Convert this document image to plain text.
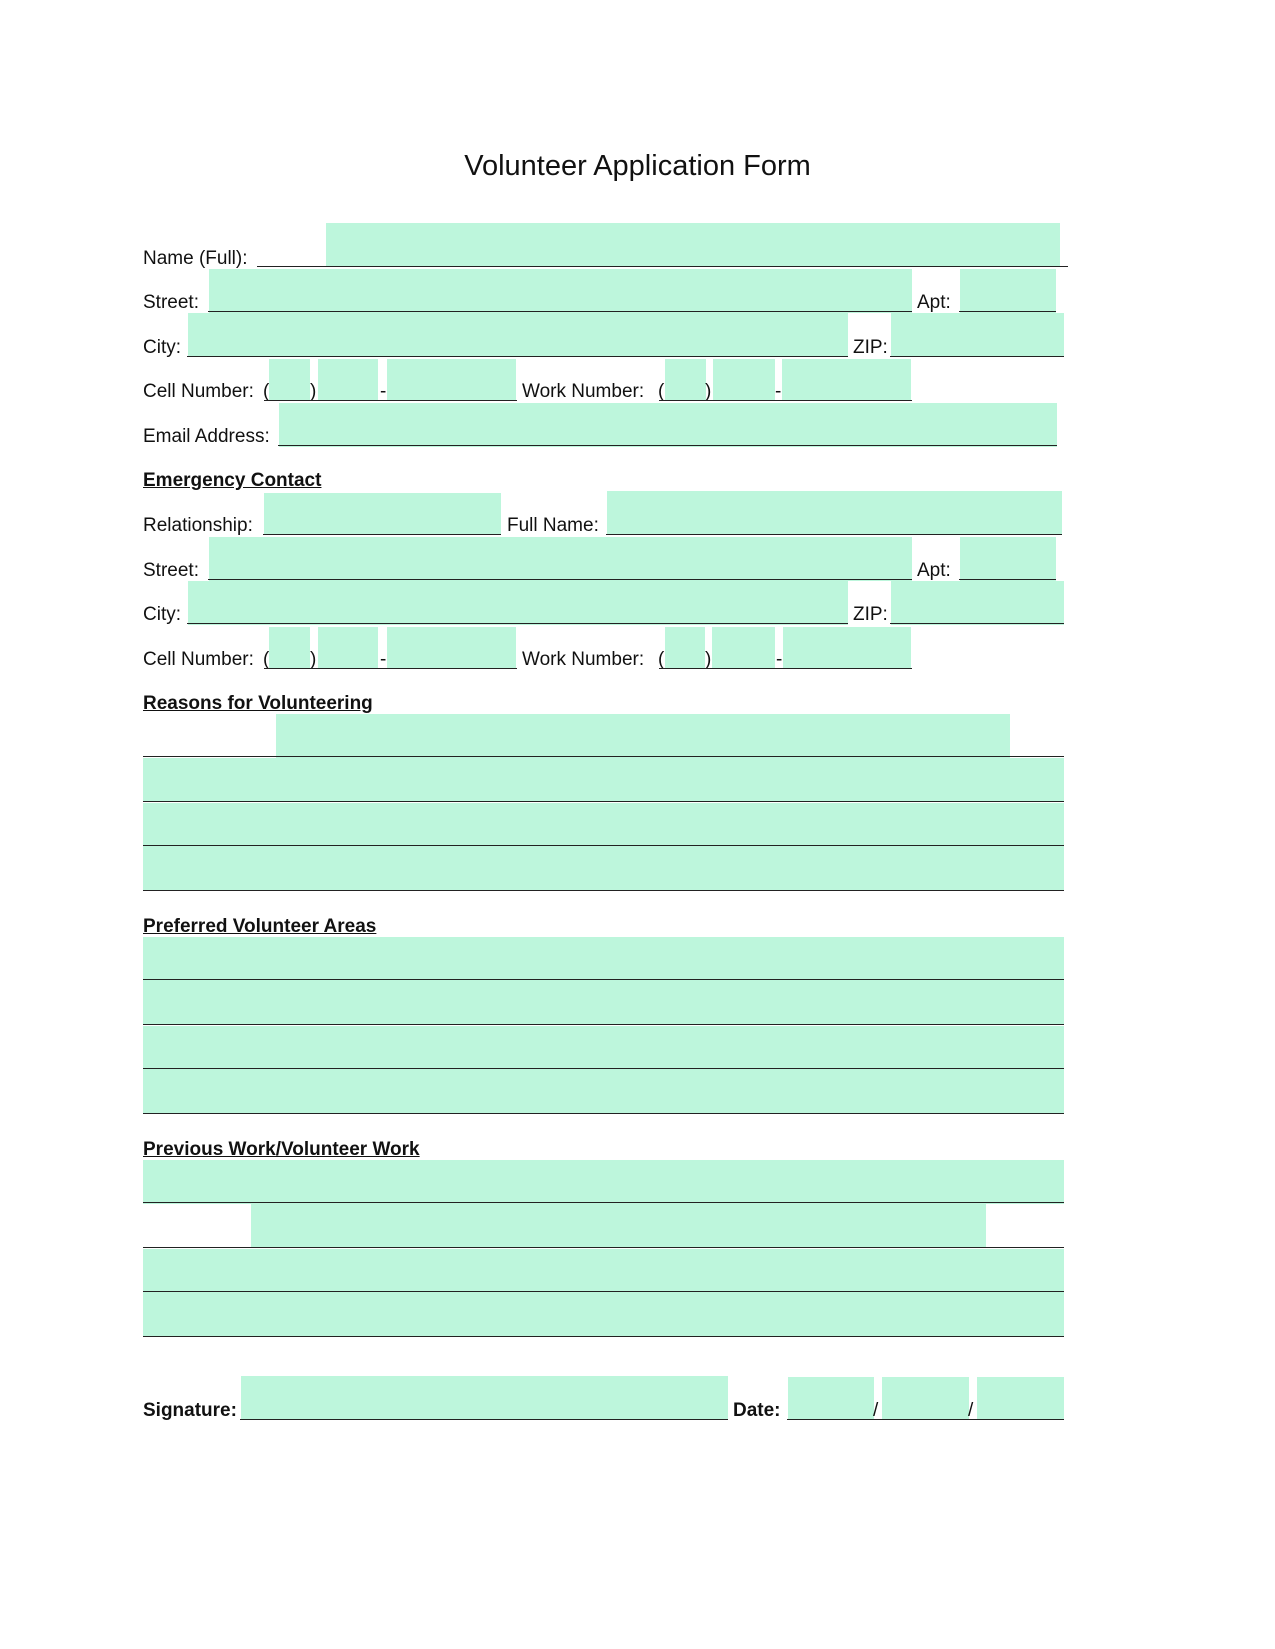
Volunteer Application Form
Name (Full):
Street:	Apt:
City:	ZIP:
Cell Number: ( )	-	Work Number: ( )	-
Email Address:
Emergency Contact
Relationship:	Full Name:
Street:	Apt:
City:	ZIP:
Cell Number: ( )	-	Work Number: ( )	-
Reasons for Volunteering
Preferred Volunteer Areas
Previous Work/Volunteer Work
Signature:	Date:	/	/
